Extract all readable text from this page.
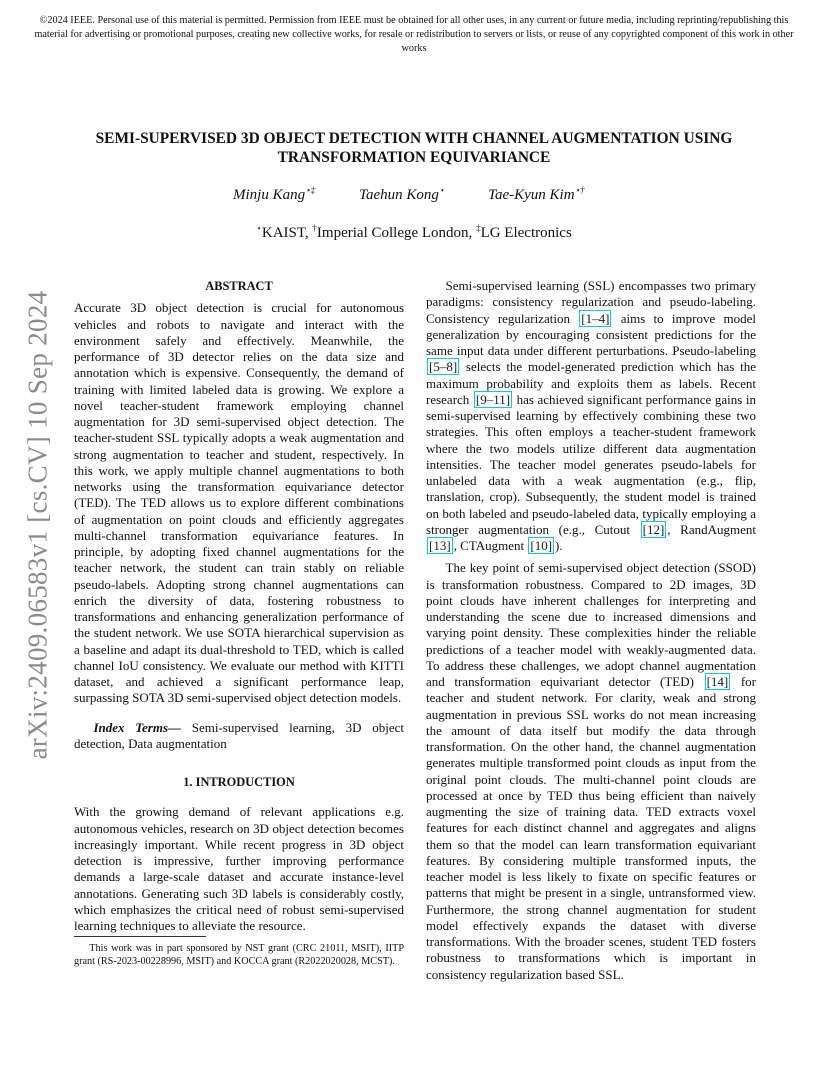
©2024 IEEE. Personal use of this material is permitted. Permission from IEEE must be obtained for all other uses, in any current or future media, including reprinting/republishing this material for advertising or promotional purposes, creating new collective works, for resale or redistribution to servers or lists, or reuse of any copyrighted component of this work in other works
arXiv:2409.06583v1 [cs.CV] 10 Sep 2024
SEMI-SUPERVISED 3D OBJECT DETECTION WITH CHANNEL AUGMENTATION USING TRANSFORMATION EQUIVARIANCE
Minju Kang⋆‡	Taehun Kong⋆	Tae-Kyun Kim⋆†
⋆KAIST, †Imperial College London, ‡LG Electronics
ABSTRACT

Accurate 3D object detection is crucial for autonomous vehicles and robots to navigate and interact with the environment safely and effectively. Meanwhile, the performance of 3D detector relies on the data size and annotation which is expensive. Consequently, the demand of training with limited labeled data is growing. We explore a novel teacher-student framework employing channel augmentation for 3D semi-supervised object detection. The teacher-student SSL typically adopts a weak augmentation and strong augmentation to teacher and student, respectively. In this work, we apply multiple channel augmentations to both networks using the transformation equivariance detector (TED). The TED allows us to explore different combinations of augmentation on point clouds and efficiently aggregates multi-channel transformation equivariance features. In principle, by adopting fixed channel augmentations for the teacher network, the student can train stably on reliable pseudo-labels. Adopting strong channel augmentations can enrich the diversity of data, fostering robustness to transformations and enhancing generalization performance of the student network. We use SOTA hierarchical supervision as a baseline and adapt its dual-threshold to TED, which is called channel IoU consistency. We evaluate our method with KITTI dataset, and achieved a significant performance leap, surpassing SOTA 3D semi-supervised object detection models.

Index Terms— Semi-supervised learning, 3D object detection, Data augmentation

1. INTRODUCTION

With the growing demand of relevant applications e.g. autonomous vehicles, research on 3D object detection becomes increasingly important. While recent progress in 3D object detection is impressive, further improving performance demands a large-scale dataset and accurate instance-level annotations. Generating such 3D labels is considerably costly, which emphasizes the critical need of robust semi-supervised learning techniques to alleviate the resource.

This work was in part sponsored by NST grant (CRC 21011, MSIT), IITP grant (RS-2023-00228996, MSIT) and KOCCA grant (R2022020028, MCST).

Semi-supervised learning (SSL) encompasses two primary paradigms: consistency regularization and pseudo-labeling. Consistency regularization [1–4] aims to improve model generalization by encouraging consistent predictions for the same input data under different perturbations. Pseudo-labeling [5–8] selects the model-generated prediction which has the maximum probability and exploits them as labels. Recent research [9–11] has achieved significant performance gains in semi-supervised learning by effectively combining these two strategies. This often employs a teacher-student framework where the two models utilize different data augmentation intensities. The teacher model generates pseudo-labels for unlabeled data with a weak augmentation (e.g., flip, translation, crop). Subsequently, the student model is trained on both labeled and pseudo-labeled data, typically employing a stronger augmentation (e.g., Cutout [12] , RandAugment [13] , CTAugment [10] ).

The key point of semi-supervised object detection (SSOD) is transformation robustness. Compared to 2D images, 3D point clouds have inherent challenges for interpreting and understanding the scene due to increased dimensions and varying point density. These complexities hinder the reliable predictions of a teacher model with weakly-augmented data. To address these challenges, we adopt channel augmentation and transformation equivariant detector (TED) [14] for teacher and student network. For clarity, weak and strong augmentation in previous SSL works do not mean increasing the amount of data itself but modify the data through transformation. On the other hand, the channel augmentation generates multiple transformed point clouds as input from the original point clouds. The multi-channel point clouds are processed at once by TED thus being efficient than naively augmenting the size of training data. TED extracts voxel features for each distinct channel and aggregates and aligns them so that the model can learn transformation equivariant features. By considering multiple transformed inputs, the teacher model is less likely to fixate on specific features or patterns that might be present in a single, untransformed view. Furthermore, the strong channel augmentation for student model effectively expands the dataset with diverse transformations. With the broader scenes, student TED fosters robustness to transformations which is important in consistency regularization based SSL.
